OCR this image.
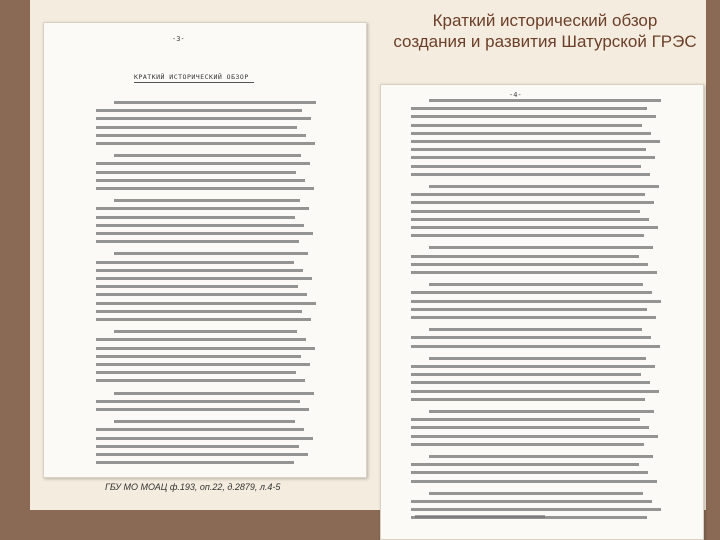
Краткий исторический обзор
создания и развития Шатурской ГРЭС
-3-
КРАТКИЙ ИСТОРИЧЕСКИЙ ОБЗОР
-4-
ГБУ МО МОАЦ ф.193, оп.22, д.2879, л.4-5
